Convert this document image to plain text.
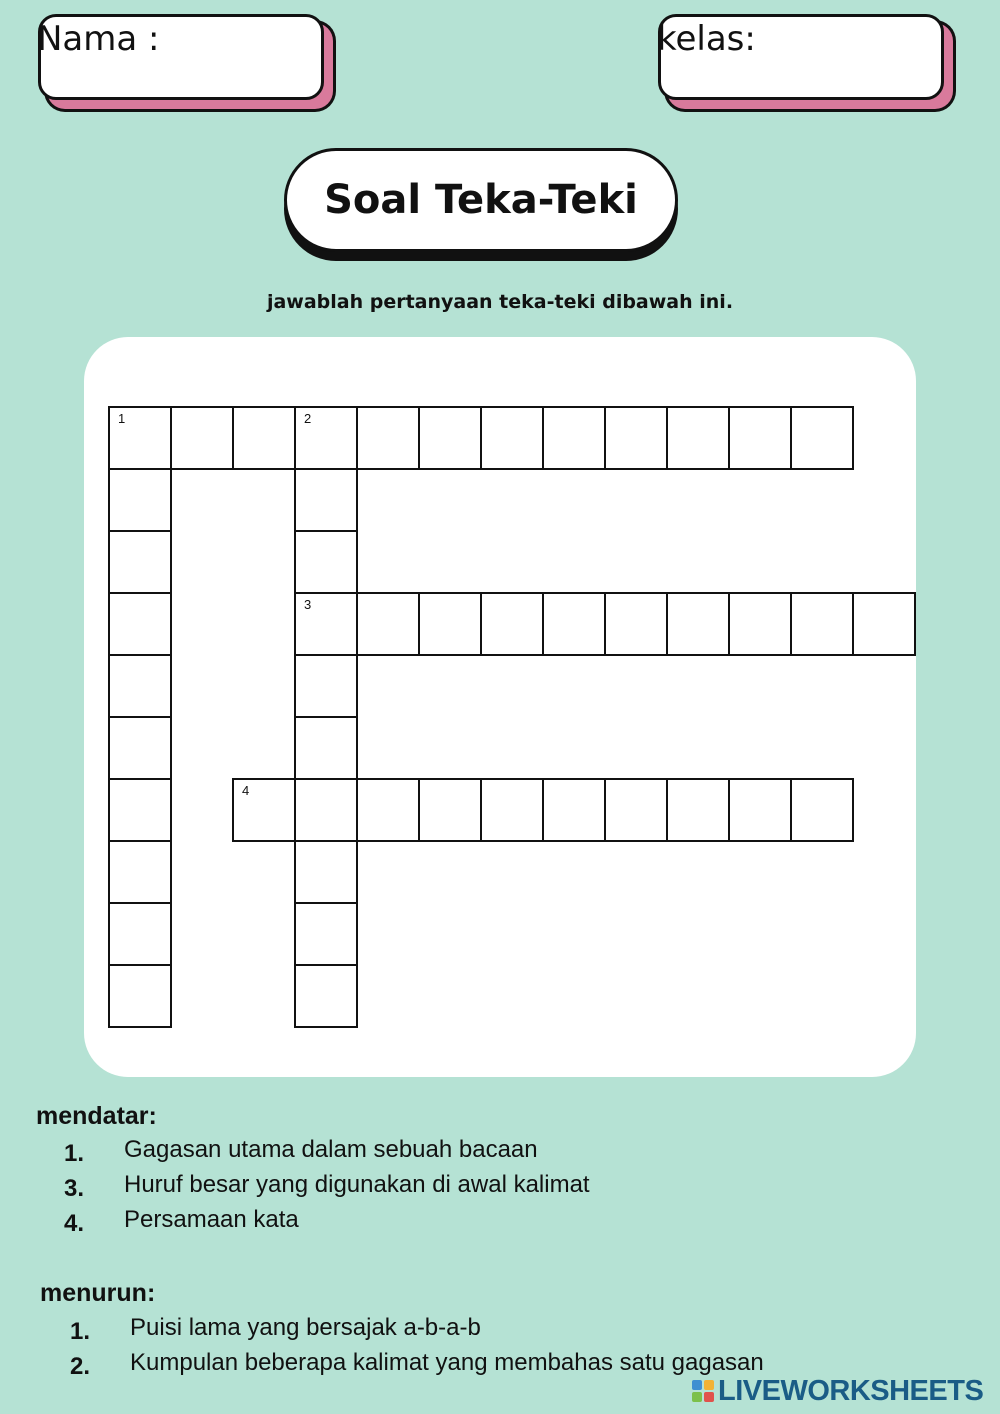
Nama :	kelas:
Soal Teka-Teki
jawablah pertanyaan teka-teki dibawah ini.
1	2
3
4
mendatar:
1. Gagasan utama dalam sebuah bacaan
3. Huruf besar yang digunakan di awal kalimat
4. Persamaan kata
menurun:
1. Puisi lama yang bersajak a-b-a-b
2. Kumpulan beberapa kalimat yang membahas satu gagasan
LIVEWORKSHEETS
